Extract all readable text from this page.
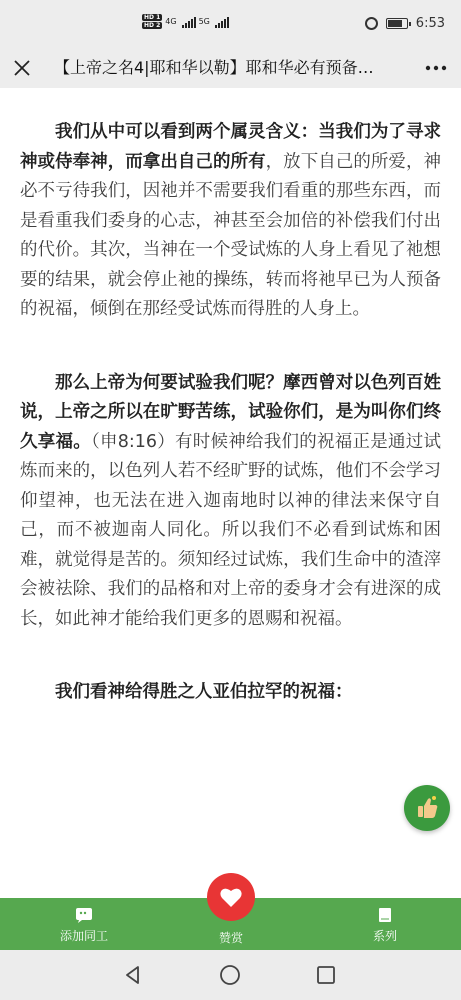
HD 1
HD 2 4G	5G	6:53
【上帝之名4|耶和华以勒】耶和华必有预备…

我们从中可以看到两个属灵含义：当我们为了寻求神或侍奉神，而拿出自己的所有，放下自己的所爱，神必不亏待我们，因祂并不需要我们看重的那些东西，而是看重我们委身的心志，神甚至会加倍的补偿我们付出的代价。其次，当神在一个受试炼的人身上看见了祂想要的结果，就会停止祂的操练，转而将祂早已为人预备的祝福，倾倒在那经受试炼而得胜的人身上。

那么上帝为何要试验我们呢？摩西曾对以色列百姓说，上帝之所以在旷野苦练，试验你们，是为叫你们终久享福。（申8:16）有时候神给我们的祝福正是通过试炼而来的，以色列人若不经旷野的试炼，他们不会学习仰望神，也无法在进入迦南地时以神的律法来保守自己，而不被迦南人同化。所以我们不必看到试炼和困难，就觉得是苦的。须知经过试炼，我们生命中的渣滓会被祛除、我们的品格和对上帝的委身才会有进深的成长，如此神才能给我们更多的恩赐和祝福。

我们看神给得胜之人亚伯拉罕的祝福：

添加同工	系列
赞赏
